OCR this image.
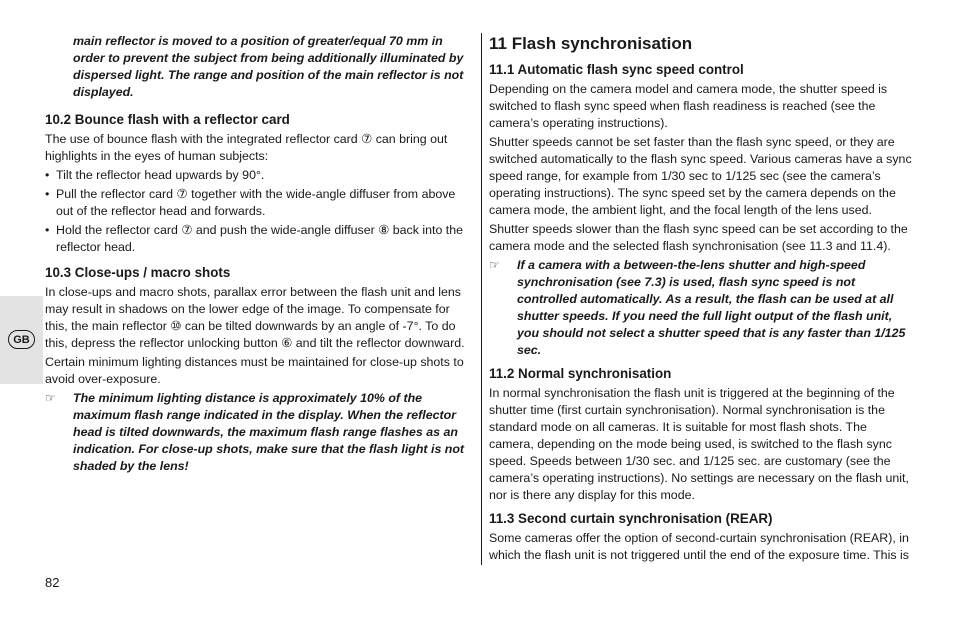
GB

main reflector is moved to a position of greater/equal 70 mm in order to prevent the subject from being additionally illuminated by dispersed light. The range and position of the main reflector is not displayed.

10.2 Bounce flash with a reflector card

The use of bounce flash with the integrated reflector card ⑦ can bring out highlights in the eyes of human subjects:

• Tilt the reflector head upwards by 90°.
• Pull the reflector card ⑦ together with the wide-angle diffuser from above out of the reflector head and forwards.
• Hold the reflector card ⑦ and push the wide-angle diffuser ⑧ back into the reflector head.
10.3 Close-ups / macro shots

In close-ups and macro shots, parallax error between the flash unit and lens may result in shadows on the lower edge of the image. To compensate for this, the main reflector ⑩ can be tilted downwards by an angle of -7°. To do this, depress the reflector unlocking button ⑥ and tilt the reflector downward.

Certain minimum lighting distances must be maintained for close-up shots to avoid over-exposure.

☞ The minimum lighting distance is approximately 10% of the maximum flash range indicated in the display. When the reflector head is tilted downwards, the maximum flash range flashes as an indication. For close-up shots, make sure that the flash light is not shaded by the lens!

11 Flash synchronisation
11.1 Automatic flash sync speed control

Depending on the camera model and camera mode, the shutter speed is switched to flash sync speed when flash readiness is reached (see the camera’s operating instructions).

Shutter speeds cannot be set faster than the flash sync speed, or they are switched automatically to the flash sync speed. Various cameras have a sync speed range, for example from 1/30 sec to 1/125 sec (see the camera’s operating instructions). The sync speed set by the camera depends on the camera mode, the ambient light, and the focal length of the lens used.

Shutter speeds slower than the flash sync speed can be set according to the camera mode and the selected flash synchronisation (see 11.3 and 11.4).

☞ If a camera with a between-the-lens shutter and high-speed synchronisation (see 7.3) is used, flash sync speed is not controlled automatically. As a result, the flash can be used at all shutter speeds. If you need the full light output of the flash unit, you should not select a shutter speed that is any faster than 1/125 sec.

11.2 Normal synchronisation

In normal synchronisation the flash unit is triggered at the beginning of the shutter time (first curtain synchronisation). Normal synchronisation is the standard mode on all cameras. It is suitable for most flash shots. The camera, depending on the mode being used, is switched to the flash sync speed. Speeds between 1/30 sec. and 1/125 sec. are customary (see the camera’s operating instructions). No settings are necessary on the flash unit, nor is there any display for this mode.

11.3 Second curtain synchronisation (REAR)

Some cameras offer the option of second-curtain synchronisation (REAR), in which the flash unit is not triggered until the end of the exposure time. This is

82
